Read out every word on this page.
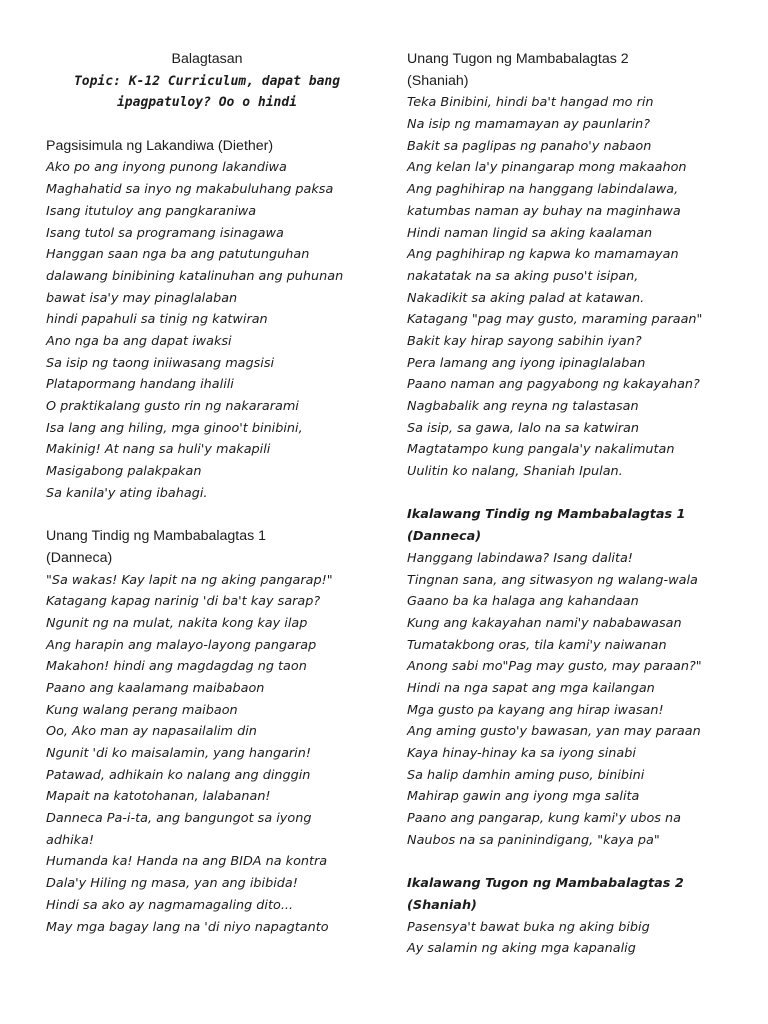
Balagtasan
Topic: K-12 Curriculum, dapat bang
ipagpatuloy? Oo o hindi
Pagsisimula ng Lakandiwa (Diether)
Ako po ang inyong punong lakandiwa
Maghahatid sa inyo ng makabuluhang paksa
Isang itutuloy ang pangkaraniwa
Isang tutol sa programang isinagawa
Hanggan saan nga ba ang patutunguhan
dalawang binibining katalinuhan ang puhunan
bawat isa'y may pinaglalaban
hindi papahuli sa tinig ng katwiran
Ano nga ba ang dapat iwaksi
Sa isip ng taong iniiwasang magsisi
Plataporma​ng handang ihalili
O praktikalang gusto rin ng nakararami
Isa lang ang hiling, mga ginoo't binibini,
Makinig! At nang sa huli'y makapili
Masigabong palakpakan
Sa kanila'y ating ibahagi.
Unang Tindig ng Mambabalagtas 1
(Danneca)
"Sa wakas! Kay lapit na ng aking pangarap!"
Katagang kapag narinig 'di ba't kay sarap?
Ngunit ng na mulat, nakita kong kay ilap
Ang harapin ang malayo-layong pangarap
Makahon! hindi ang magdagdag ng taon
Paano ang kaalamang maibabaon
Kung walang perang maibaon
Oo, Ako man ay napasailalim din
Ngunit 'di ko maisalamin, yang hangarin!
Patawad, adhikain ko nalang ang dinggin
Mapait na katotohanan, lalabanan!
Danneca Pa-i-ta, ang bangungot sa iyong
adhika!
Humanda ka! Handa na ang BIDA na kontra
Dala'y Hiling ng masa, yan ang ibibida!
Hindi sa ako ay nagmamagaling dito...
May mga bagay lang na 'di niyo napagtanto
Unang Tugon ng Mambabalagtas 2
(Shaniah)
Teka Binibini, hindi ba't hangad mo rin
Na isip ng mamamayan ay paunlarin?
Bakit sa paglipas ng panaho'y nabaon
Ang kelan la'y pinangarap mong makaahon
Ang paghihirap na hanggang labindalawa,
katumbas naman ay buhay na maginhawa
Hindi naman lingid sa aking kaalaman
Ang paghihirap ng kapwa ko mamamayan
nakatatak na sa aking puso't isipan,
Nakadikit sa aking palad at katawan.
Katagang "pag may gusto, maraming paraan"
Bakit kay hirap sayong sabihin iyan?
Pera lamang ang iyong ipinaglalaban
Paano naman ang pagyabong ng kakayahan?
Nagbabalik ang reyna ng talastasan
Sa isip, sa gawa, lalo na sa katwiran
Magtatampo kung pangala'y nakalimutan
Uulitin ko nalang, Shaniah Ipulan.
Ikalawang Tindig ng Mambabalagtas 1
(Danneca)
Hanggang labindawa? Isang dalita!
Tingnan sana, ang sitwasyon ng walang-wala
Gaano ba ka halaga ang kahandaan
Kung ang kakayahan nami'y nababawasan
Tumatakbong oras, tila kami'y naiwanan
Anong sabi mo"Pag may gusto, may paraan?"
Hindi na nga sapat ang mga kailangan
Mga gusto pa kayang ang hirap iwasan!
Ang aming gusto'y bawasan, yan may paraan
Kaya hinay-hinay ka sa iyong sinabi
Sa halip damhin aming puso, binibini
Mahirap gawin ang iyong mga salita
Paano ang pangarap, kung kami'y ubos na
Naubos na sa paninindigang, "kaya pa"
Ikalawang Tugon ng Mambabalagtas 2
(Shaniah)
Pasensya't bawat buka ng aking bibig
Ay salamin ng aking mga kapanalig
